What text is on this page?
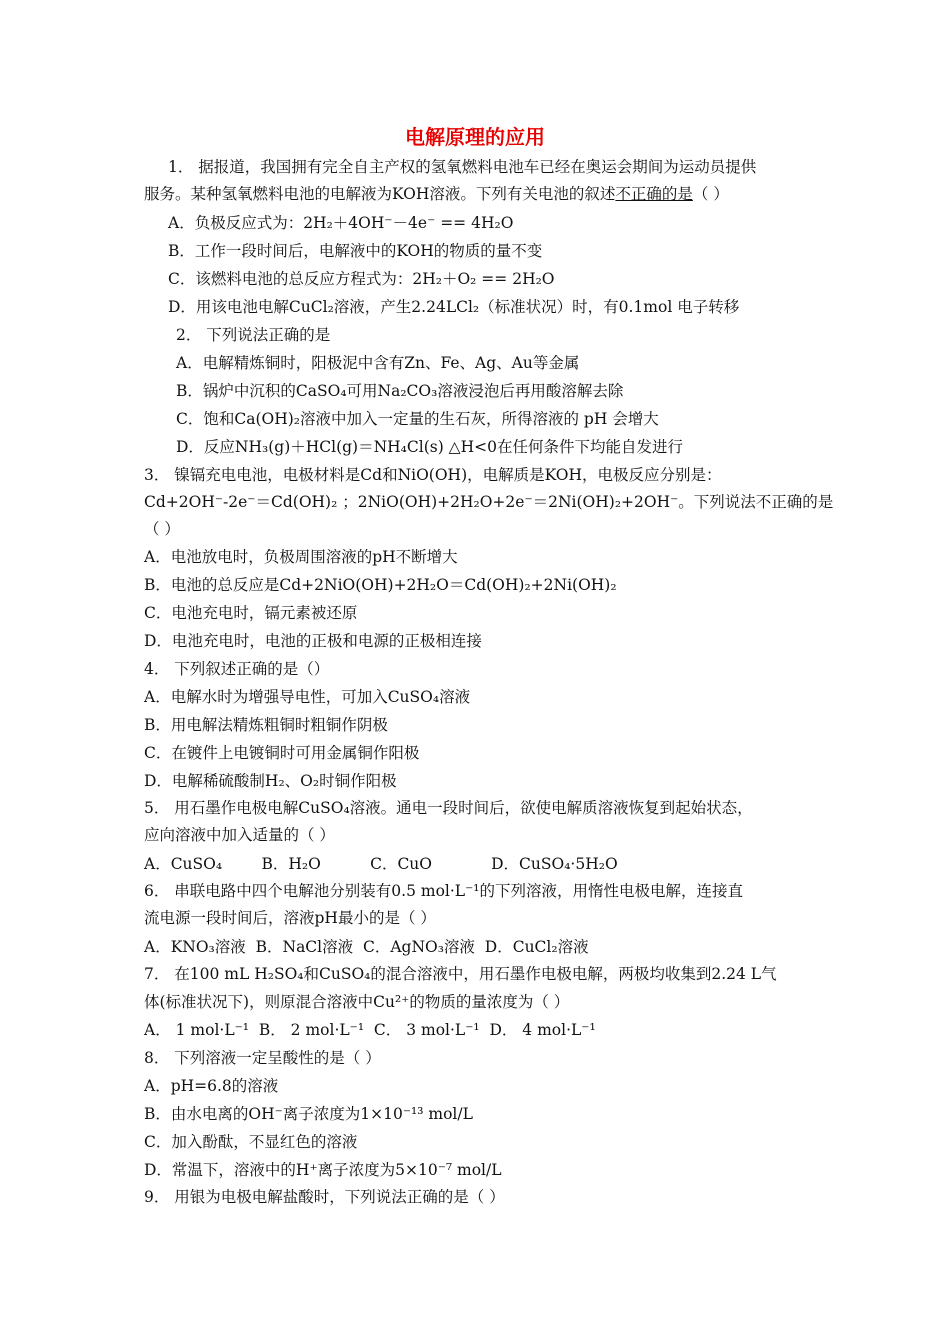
电解原理的应用
1． 据报道，我国拥有完全自主产权的氢氧燃料电池车已经在奥运会期间为运动员提供
服务。某种氢氧燃料电池的电解液为KOH溶液。下列有关电池的叙述不正确的是（ ）
A．负极反应式为：2H₂＋4OH⁻－4e⁻ == 4H₂O
B．工作一段时间后，电解液中的KOH的物质的量不变
C．该燃料电池的总反应方程式为：2H₂＋O₂ == 2H₂O
D．用该电池电解CuCl₂溶液，产生2.24LCl₂（标准状况）时，有0.1mol 电子转移
2． 下列说法正确的是
A．电解精炼铜时，阳极泥中含有Zn、Fe、Ag、Au等金属
B．锅炉中沉积的CaSO₄可用Na₂CO₃溶液浸泡后再用酸溶解去除
C．饱和Ca(OH)₂溶液中加入一定量的生石灰，所得溶液的 pH 会增大
D．反应NH₃(g)＋HCl(g)＝NH₄Cl(s) △H<0在任何条件下均能自发进行
3． 镍镉充电电池，电极材料是Cd和NiO(OH)，电解质是KOH，电极反应分别是：
Cd+2OH⁻-2e⁻＝Cd(OH)₂ ；2NiO(OH)+2H₂O+2e⁻＝2Ni(OH)₂+2OH⁻。下列说法不正确的是
（ ）
A．电池放电时，负极周围溶液的pH不断增大
B．电池的总反应是Cd+2NiO(OH)+2H₂O＝Cd(OH)₂+2Ni(OH)₂
C．电池充电时，镉元素被还原
D．电池充电时，电池的正极和电源的正极相连接
4． 下列叙述正确的是（）
A．电解水时为增强导电性，可加入CuSO₄溶液
B．用电解法精炼粗铜时粗铜作阴极
C．在镀件上电镀铜时可用金属铜作阳极
D．电解稀硫酸制H₂、O₂时铜作阳极
5． 用石墨作电极电解CuSO₄溶液。通电一段时间后，欲使电解质溶液恢复到起始状态，
应向溶液中加入适量的（ ）
A．CuSO₄        B．H₂O          C．CuO            D．CuSO₄·5H₂O
6． 串联电路中四个电解池分别装有0.5 mol·L⁻¹的下列溶液，用惰性电极电解，连接直
流电源一段时间后，溶液pH最小的是（ ）
A．KNO₃溶液  B．NaCl溶液  C．AgNO₃溶液  D．CuCl₂溶液
7． 在100 mL H₂SO₄和CuSO₄的混合溶液中，用石墨作电极电解，两极均收集到2.24 L气
体(标准状况下)，则原混合溶液中Cu²⁺的物质的量浓度为（ ）
A． 1 mol·L⁻¹  B． 2 mol·L⁻¹  C． 3 mol·L⁻¹  D． 4 mol·L⁻¹
8． 下列溶液一定呈酸性的是（ ）
A．pH=6.8的溶液
B．由水电离的OH⁻离子浓度为1×10⁻¹³ mol/L
C．加入酚酞，不显红色的溶液
D．常温下，溶液中的H⁺离子浓度为5×10⁻⁷ mol/L
9． 用银为电极电解盐酸时，下列说法正确的是（ ）
